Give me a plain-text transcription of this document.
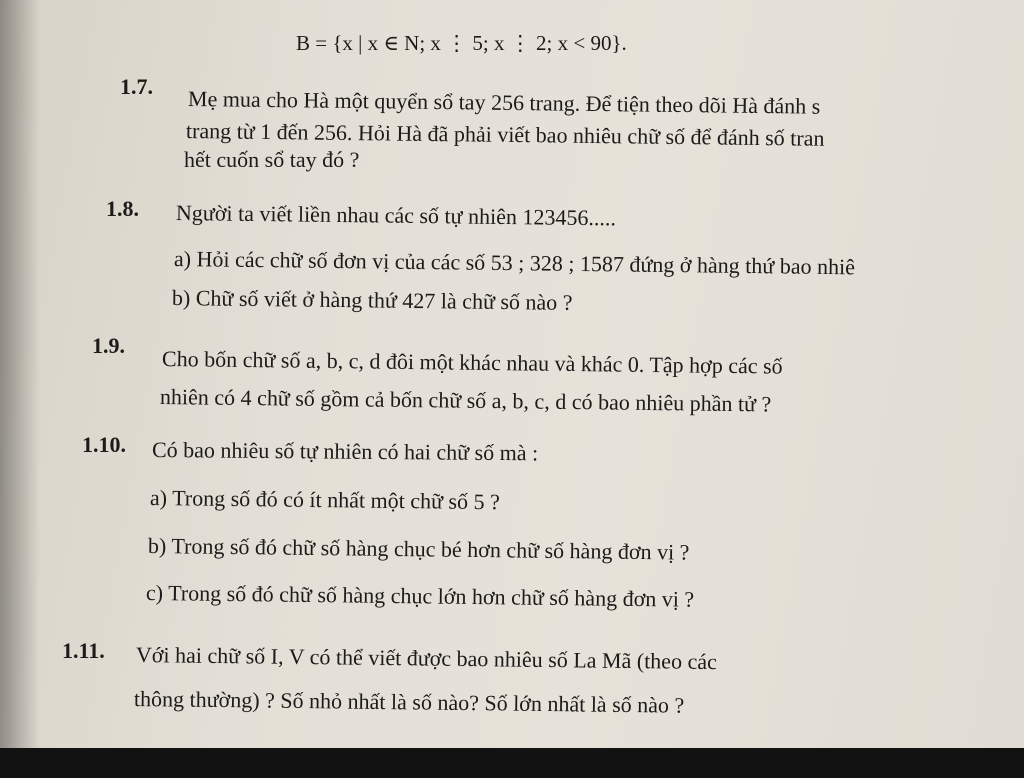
B = {x | x ∈ N; x ⋮ 5; x ⋮ 2; x < 90}.
1.7. Mẹ mua cho Hà một quyển sổ tay 256 trang. Để tiện theo dõi Hà đánh s
trang từ 1 đến 256. Hỏi Hà đã phải viết bao nhiêu chữ số để đánh số tran
hết cuốn sổ tay đó ?
1.8. Người ta viết liền nhau các số tự nhiên 123456.....
a) Hỏi các chữ số đơn vị của các số 53 ; 328 ; 1587 đứng ở hàng thứ bao nhiê
b) Chữ số viết ở hàng thứ 427 là chữ số nào ?
1.9.
Cho bốn chữ số a, b, c, d đôi một khác nhau và khác 0. Tập hợp các số
nhiên có 4 chữ số gồm cả bốn chữ số a, b, c, d có bao nhiêu phần tử ?
1.10. Có bao nhiêu số tự nhiên có hai chữ số mà :
a) Trong số đó có ít nhất một chữ số 5 ?
b) Trong số đó chữ số hàng chục bé hơn chữ số hàng đơn vị ?
c) Trong số đó chữ số hàng chục lớn hơn chữ số hàng đơn vị ?
1.11. Với hai chữ số I, V có thể viết được bao nhiêu số La Mã (theo các
thông thường) ? Số nhỏ nhất là số nào? Số lớn nhất là số nào ?
